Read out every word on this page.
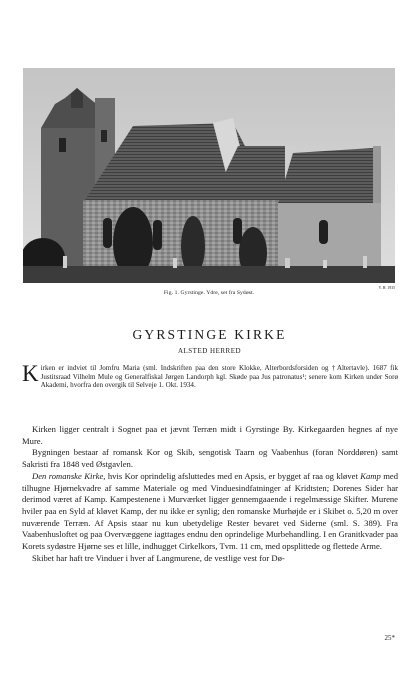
V. H. 1935
Fig. 1. Gyrstinge. Ydre, set fra Sydøst.
GYRSTINGE KIRKE
ALSTED HERRED
Kirken er indviet til Jomfru Maria (sml. Indskriften paa den store Klokke, Alterbordsforsiden og †Altertavle). 1687 fik Justitsraad Vilhelm Mule og Generalfiskal Jørgen Landorph kgl. Skøde paa Jus patronatus¹; senere kom Kirken under Sorø Akademi, hvorfra den overgik til Selveje 1. Okt. 1934.

Kirken ligger centralt i Sognet paa et jævnt Terræn midt i Gyrstinge By. Kirkegaarden hegnes af nye Mure.

Bygningen bestaar af romansk Kor og Skib, sengotisk Taarn og Vaabenhus (foran Norddøren) samt Sakristi fra 1848 ved Østgavlen.

Den romanske Kirke, hvis Kor oprindelig afsluttedes med en Apsis, er bygget af raa og kløvet Kamp med tilhugne Hjørnekvadre af samme Materiale og med Vinduesindfatninger af Kridtsten; Dorenes Sider har derimod været af Kamp. Kampestenene i Murværket ligger gennemgaaende i regelmæssige Skifter. Murene hviler paa en Syld af kløvet Kamp, der nu ikke er synlig; den romanske Murhøjde er i Skibet o. 5,20 m over nuværende Terræn. Af Apsis staar nu kun ubetydelige Rester bevaret ved Siderne (sml. S. 389). Fra Vaabenhusloftet og paa Overvæggene iagttages endnu den oprindelige Murbehandling. I en Granitkvader paa Korets sydøstre Hjørne ses et lille, indhugget Cirkelkors, Tvm. 11 cm, med opsplittede og flettede Arme.

Skibet har haft tre Vinduer i hver af Langmurene, de vestlige vest for Dø-

25*
